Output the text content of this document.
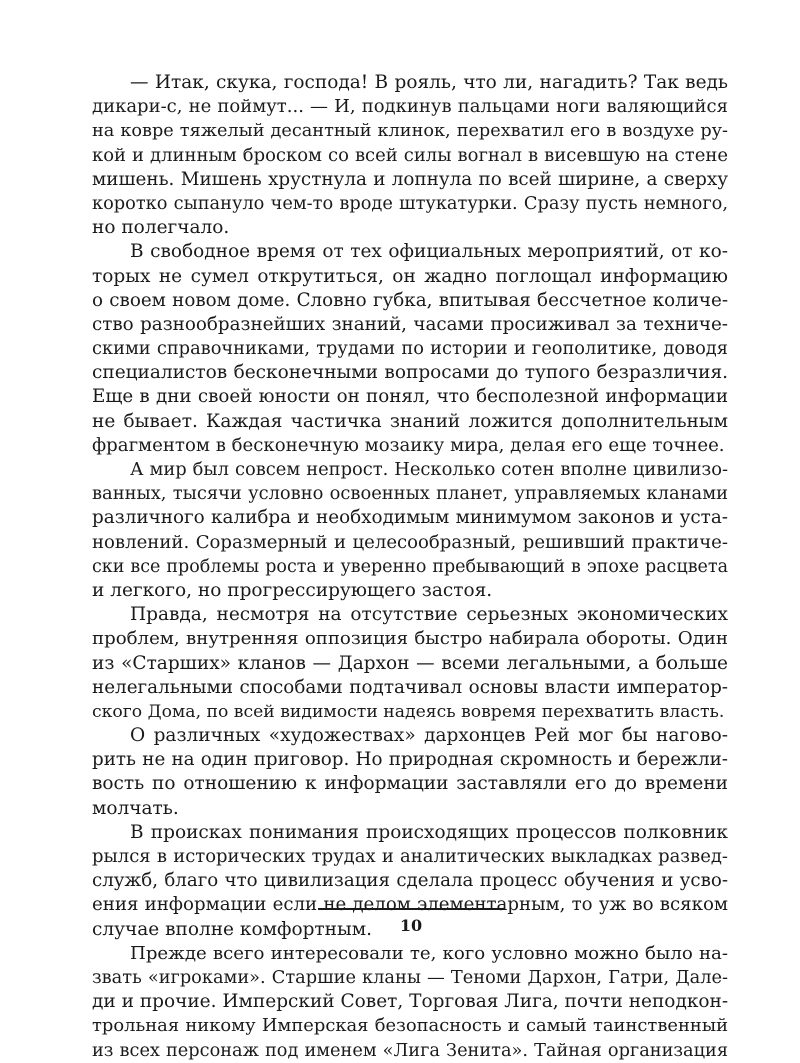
— Итак, скука, господа! В рояль, что ли, нагадить? Так ведь
дикари-с, не поймут... — И, подкинув пальцами ноги валяющийся
на ковре тяжелый десантный клинок, перехватил его в воздухе ру-
кой и длинным броском со всей силы вогнал в висевшую на стене
мишень. Мишень хрустнула и лопнула по всей ширине, а сверху
коротко сыпануло чем-то вроде штукатурки. Сразу пусть немного,
но полегчало.
В свободное время от тех официальных мероприятий, от ко-
торых не сумел открутиться, он жадно поглощал информацию
о своем новом доме. Словно губка, впитывая бессчетное количе-
ство разнообразнейших знаний, часами просиживал за техниче-
скими справочниками, трудами по истории и геополитике, доводя
специалистов бесконечными вопросами до тупого безразличия.
Еще в дни своей юности он понял, что бесполезной информации
не бывает. Каждая частичка знаний ложится дополнительным
фрагментом в бесконечную мозаику мира, делая его еще точнее.
А мир был совсем непрост. Несколько сотен вполне цивилизо-
ванных, тысячи условно освоенных планет, управляемых кланами
различного калибра и необходимым минимумом законов и уста-
новлений. Соразмерный и целесообразный, решивший практиче-
ски все проблемы роста и уверенно пребывающий в эпохе расцвета
и легкого, но прогрессирующего застоя.
Правда, несмотря на отсутствие серьезных экономических
проблем, внутренняя оппозиция быстро набирала обороты. Один
из «Старших» кланов — Дархон — всеми легальными, а больше
нелегальными способами подтачивал основы власти император-
ского Дома, по всей видимости надеясь вовремя перехватить власть.
О различных «художествах» дархонцев Рей мог бы нагово-
рить не на один приговор. Но природная скромность и бережли-
вость по отношению к информации заставляли его до времени
молчать.
В происках понимания происходящих процессов полковник
рылся в исторических трудах и аналитических выкладках развед-
служб, благо что цивилизация сделала процесс обучения и усво-
ения информации если не делом элементарным, то уж во всяком
случае вполне комфортным.
Прежде всего интересовали те, кого условно можно было на-
звать «игроками». Старшие кланы — Теноми Дархон, Гатри, Дале-
ди и прочие. Имперский Совет, Торговая Лига, почти неподкон-
трольная никому Имперская безопасность и самый таинственный
из всех персонаж под именем «Лига Зенита». Тайная организация
10
